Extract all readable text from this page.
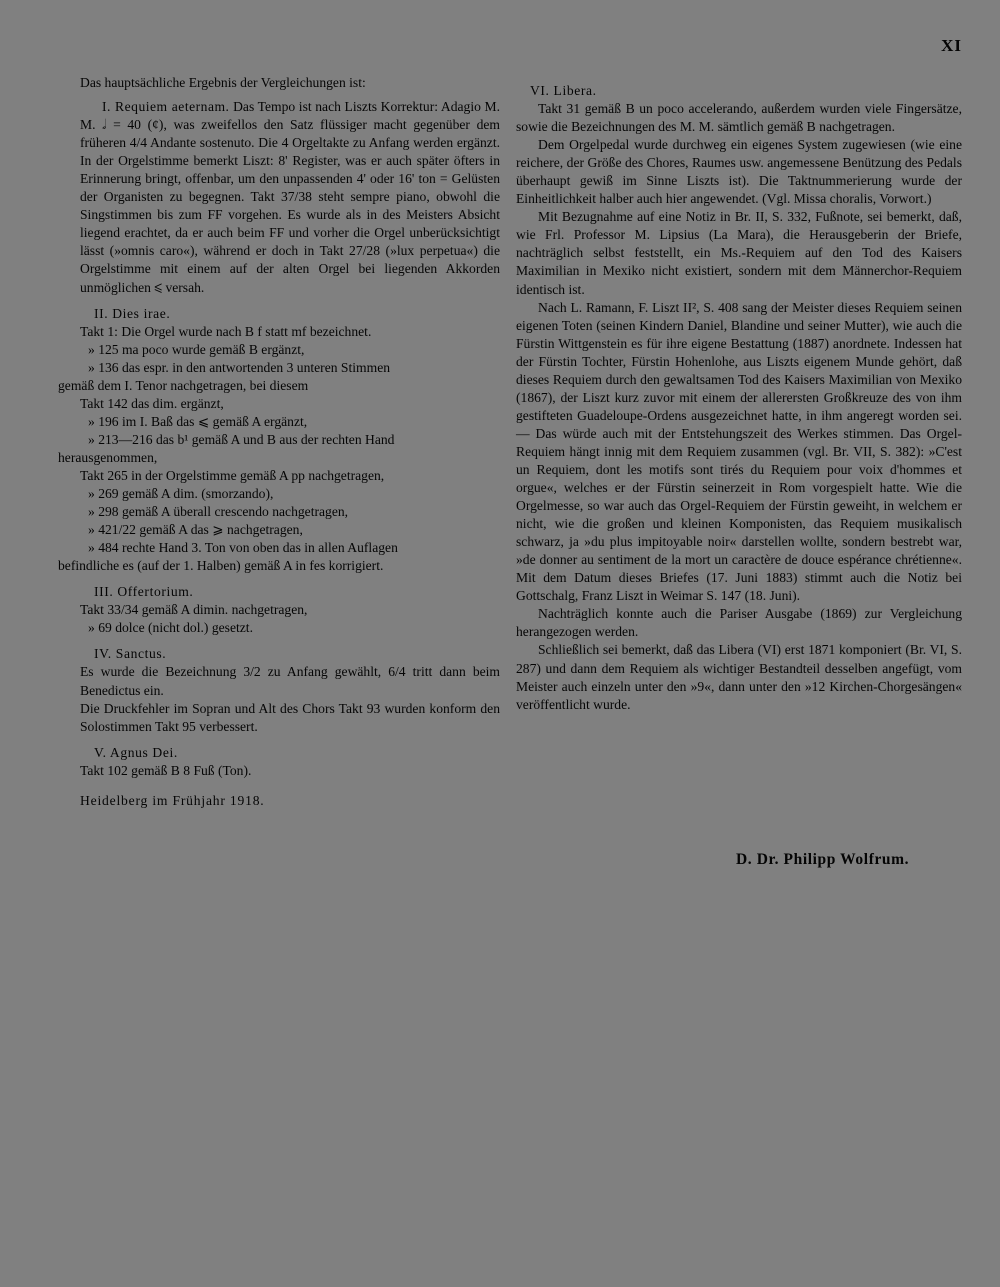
XI

Das hauptsächliche Ergebnis der Vergleichungen ist:

I. Requiem aeternam. Das Tempo ist nach Liszts Korrektur: Adagio M. M. 𝅗𝅥 = 40 (¢), was zweifellos den Satz flüssiger macht gegenüber dem früheren 4/4 Andante sostenuto. Die 4 Orgeltakte zu Anfang werden ergänzt. In der Orgelstimme bemerkt Liszt: 8' Register, was er auch später öfters in Erinnerung bringt, offenbar, um den unpassenden 4' oder 16' ton = Gelüsten der Organisten zu begegnen. Takt 37/38 steht sempre piano, obwohl die Singstimmen bis zum FF vorgehen. Es wurde als in des Meisters Absicht liegend erachtet, da er auch beim FF und vorher die Orgel unberücksichtigt lässt (»omnis caro«), während er doch in Takt 27/28 (»lux perpetua«) die Orgelstimme mit einem auf der alten Orgel bei liegenden Akkorden unmöglichen ⩽ versah.

II. Dies irae.

Takt 1: Die Orgel wurde nach B f statt mf bezeichnet.
» 125 ma poco wurde gemäß B ergänzt,
» 136 das espr. in den antwortenden 3 unteren Stimmen
gemäß dem I. Tenor nachgetragen, bei diesem
Takt 142 das dim. ergänzt,
» 196 im I. Baß das ⩽ gemäß A ergänzt,
» 213—216 das b¹ gemäß A und B aus der rechten Hand
herausgenommen,
Takt 265 in der Orgelstimme gemäß A pp nachgetragen,
» 269 gemäß A dim. (smorzando),
» 298 gemäß A überall crescendo nachgetragen,
» 421/22 gemäß A das ⩾ nachgetragen,
» 484 rechte Hand 3. Ton von oben das in allen Auflagen
befindliche es (auf der 1. Halben) gemäß A in fes korrigiert.

III. Offertorium.

Takt 33/34 gemäß A dimin. nachgetragen,
» 69 dolce (nicht dol.) gesetzt.

IV. Sanctus.

Es wurde die Bezeichnung 3/2 zu Anfang gewählt, 6/4 tritt dann beim Benedictus ein.

Die Druckfehler im Sopran und Alt des Chors Takt 93 wurden konform den Solostimmen Takt 95 verbessert.

V. Agnus Dei.

Takt 102 gemäß B 8 Fuß (Ton).

Heidelberg im Frühjahr 1918.

VI. Libera.

Takt 31 gemäß B un poco accelerando, außerdem wurden viele Fingersätze, sowie die Bezeichnungen des M. M. sämtlich gemäß B nachgetragen.

Dem Orgelpedal wurde durchweg ein eigenes System zugewiesen (wie eine reichere, der Größe des Chores, Raumes usw. angemessene Benützung des Pedals überhaupt gewiß im Sinne Liszts ist). Die Taktnummerierung wurde der Einheitlichkeit halber auch hier angewendet. (Vgl. Missa choralis, Vorwort.)

Mit Bezugnahme auf eine Notiz in Br. II, S. 332, Fußnote, sei bemerkt, daß, wie Frl. Professor M. Lipsius (La Mara), die Herausgeberin der Briefe, nachträglich selbst feststellt, ein Ms.-Requiem auf den Tod des Kaisers Maximilian in Mexiko nicht existiert, sondern mit dem Männerchor-Requiem identisch ist.

Nach L. Ramann, F. Liszt II², S. 408 sang der Meister dieses Requiem seinen eigenen Toten (seinen Kindern Daniel, Blandine und seiner Mutter), wie auch die Fürstin Wittgenstein es für ihre eigene Bestattung (1887) anordnete. Indessen hat der Fürstin Tochter, Fürstin Hohenlohe, aus Liszts eigenem Munde gehört, daß dieses Requiem durch den gewaltsamen Tod des Kaisers Maximilian von Mexiko (1867), der Liszt kurz zuvor mit einem der allerersten Großkreuze des von ihm gestifteten Guadeloupe-Ordens ausgezeichnet hatte, in ihm angeregt worden sei. — Das würde auch mit der Entstehungszeit des Werkes stimmen. Das Orgel-Requiem hängt innig mit dem Requiem zusammen (vgl. Br. VII, S. 382): »C'est un Requiem, dont les motifs sont tirés du Requiem pour voix d'hommes et orgue«, welches er der Fürstin seinerzeit in Rom vorgespielt hatte. Wie die Orgelmesse, so war auch das Orgel-Requiem der Fürstin geweiht, in welchem er nicht, wie die großen und kleinen Komponisten, das Requiem musikalisch schwarz, ja »du plus impitoyable noir« darstellen wollte, sondern bestrebt war, »de donner au sentiment de la mort un caractère de douce espérance chrétienne«. Mit dem Datum dieses Briefes (17. Juni 1883) stimmt auch die Notiz bei Gottschalg, Franz Liszt in Weimar S. 147 (18. Juni).

Nachträglich konnte auch die Pariser Ausgabe (1869) zur Vergleichung herangezogen werden.

Schließlich sei bemerkt, daß das Libera (VI) erst 1871 komponiert (Br. VI, S. 287) und dann dem Requiem als wichtiger Bestandteil desselben angefügt, vom Meister auch einzeln unter den »9«, dann unter den »12 Kirchen-Chorgesängen« veröffentlicht wurde.

D. Dr. Philipp Wolfrum.
